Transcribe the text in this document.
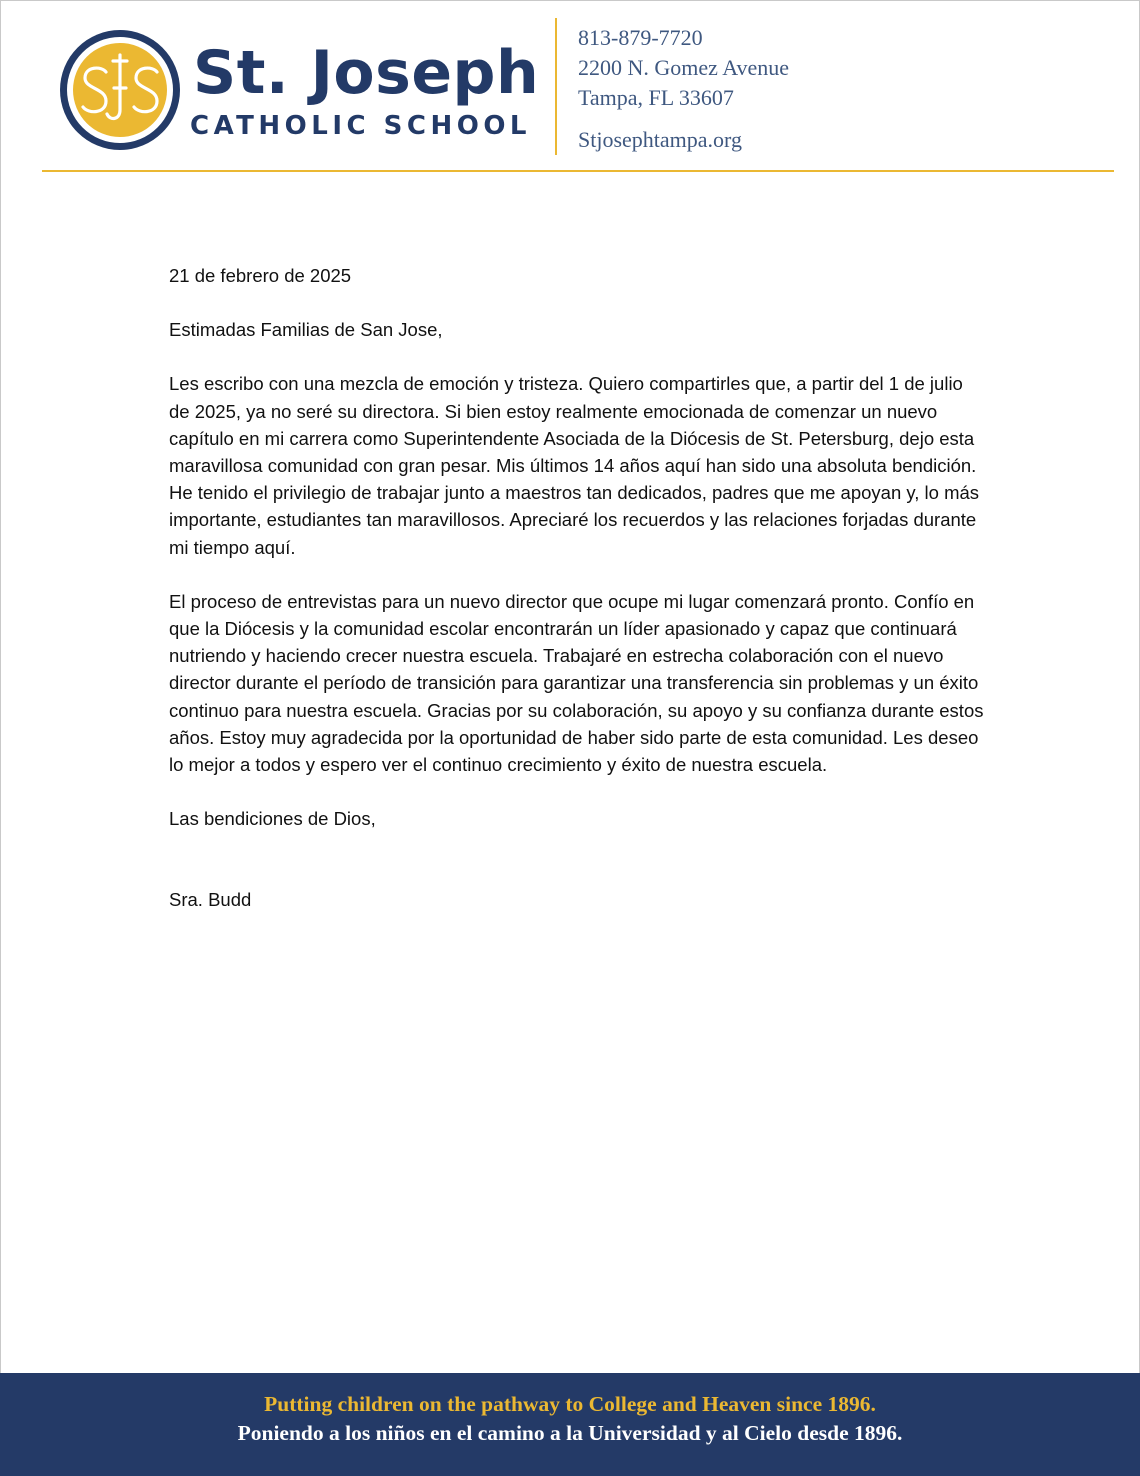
St. Joseph
CATHOLIC SCHOOL
813-879-7720
2200 N. Gomez Avenue
Tampa, FL 33607
Stjosephtampa.org

21 de febrero de 2025

Estimadas Familias de San Jose,

Les escribo con una mezcla de emoción y tristeza. Quiero compartirles que, a partir del 1 de julio de 2025, ya no seré su directora. Si bien estoy realmente emocionada de comenzar un nuevo capítulo en mi carrera como Superintendente Asociada de la Diócesis de St. Petersburg, dejo esta maravillosa comunidad con gran pesar. Mis últimos 14 años aquí han sido una absoluta bendición. He tenido el privilegio de trabajar junto a maestros tan dedicados, padres que me apoyan y, lo más importante, estudiantes tan maravillosos. Apreciaré los recuerdos y las relaciones forjadas durante mi tiempo aquí.

El proceso de entrevistas para un nuevo director que ocupe mi lugar comenzará pronto. Confío en que la Diócesis y la comunidad escolar encontrarán un líder apasionado y capaz que continuará nutriendo y haciendo crecer nuestra escuela. Trabajaré en estrecha colaboración con el nuevo director durante el período de transición para garantizar una transferencia sin problemas y un éxito continuo para nuestra escuela. Gracias por su colaboración, su apoyo y su confianza durante estos años. Estoy muy agradecida por la oportunidad de haber sido parte de esta comunidad. Les deseo lo mejor a todos y espero ver el continuo crecimiento y éxito de nuestra escuela.

Las bendiciones de Dios,

Sra. Budd

Putting children on the pathway to College and Heaven since 1896.
Poniendo a los niños en el camino a la Universidad y al Cielo desde 1896.
